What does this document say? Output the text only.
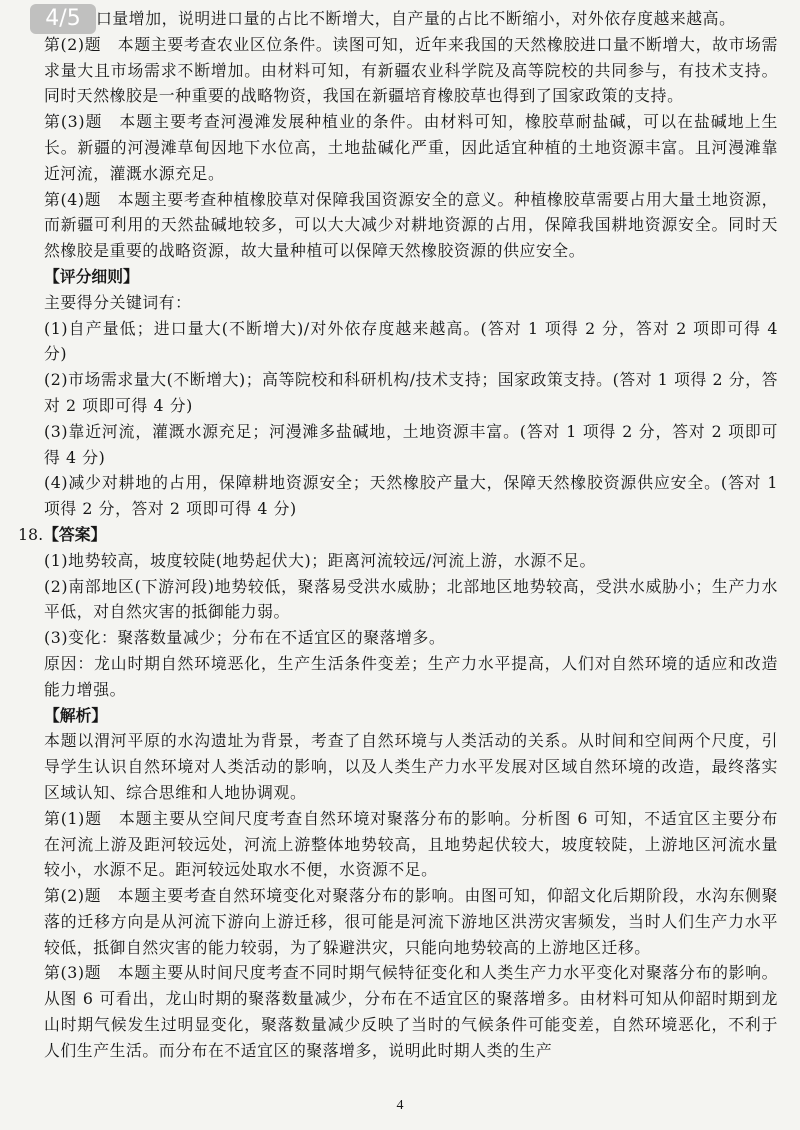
4/5 口量增加，说明进口量的占比不断增大，自产量的占比不断缩小，对外依存度越来越高。

第(2)题　本题主要考查农业区位条件。读图可知，近年来我国的天然橡胶进口量不断增大，故市场需求量大且市场需求不断增加。由材料可知，有新疆农业科学院及高等院校的共同参与，有技术支持。同时天然橡胶是一种重要的战略物资，我国在新疆培育橡胶草也得到了国家政策的支持。

第(3)题　本题主要考查河漫滩发展种植业的条件。由材料可知，橡胶草耐盐碱，可以在盐碱地上生长。新疆的河漫滩草甸因地下水位高，土地盐碱化严重，因此适宜种植的土地资源丰富。且河漫滩靠近河流，灌溉水源充足。

第(4)题　本题主要考查种植橡胶草对保障我国资源安全的意义。种植橡胶草需要占用大量土地资源，而新疆可利用的天然盐碱地较多，可以大大减少对耕地资源的占用，保障我国耕地资源安全。同时天然橡胶是重要的战略资源，故大量种植可以保障天然橡胶资源的供应安全。

【评分细则】

主要得分关键词有：

(1)自产量低；进口量大(不断增大)/对外依存度越来越高。(答对 1 项得 2 分，答对 2 项即可得 4 分)

(2)市场需求量大(不断增大)；高等院校和科研机构/技术支持；国家政策支持。(答对 1 项得 2 分，答对 2 项即可得 4 分)

(3)靠近河流，灌溉水源充足；河漫滩多盐碱地，土地资源丰富。(答对 1 项得 2 分，答对 2 项即可得 4 分)

(4)减少对耕地的占用，保障耕地资源安全；天然橡胶产量大，保障天然橡胶资源供应安全。(答对 1 项得 2 分，答对 2 项即可得 4 分)

18.【答案】

(1)地势较高，坡度较陡(地势起伏大)；距离河流较远/河流上游，水源不足。

(2)南部地区(下游河段)地势较低，聚落易受洪水威胁；北部地区地势较高，受洪水威胁小；生产力水平低，对自然灾害的抵御能力弱。

(3)变化：聚落数量减少；分布在不适宜区的聚落增多。

原因：龙山时期自然环境恶化，生产生活条件变差；生产力水平提高，人们对自然环境的适应和改造能力增强。

【解析】

本题以渭河平原的水沟遗址为背景，考查了自然环境与人类活动的关系。从时间和空间两个尺度，引导学生认识自然环境对人类活动的影响，以及人类生产力水平发展对区域自然环境的改造，最终落实区域认知、综合思维和人地协调观。

第(1)题　本题主要从空间尺度考查自然环境对聚落分布的影响。分析图 6 可知，不适宜区主要分布在河流上游及距河较远处，河流上游整体地势较高，且地势起伏较大，坡度较陡，上游地区河流水量较小，水源不足。距河较远处取水不便，水资源不足。

第(2)题　本题主要考查自然环境变化对聚落分布的影响。由图可知，仰韶文化后期阶段，水沟东侧聚落的迁移方向是从河流下游向上游迁移，很可能是河流下游地区洪涝灾害频发，当时人们生产力水平较低，抵御自然灾害的能力较弱，为了躲避洪灾，只能向地势较高的上游地区迁移。

第(3)题　本题主要从时间尺度考查不同时期气候特征变化和人类生产力水平变化对聚落分布的影响。从图 6 可看出，龙山时期的聚落数量减少，分布在不适宜区的聚落增多。由材料可知从仰韶时期到龙山时期气候发生过明显变化，聚落数量减少反映了当时的气候条件可能变差，自然环境恶化，不利于人们生产生活。而分布在不适宜区的聚落增多，说明此时期人类的生产

4
